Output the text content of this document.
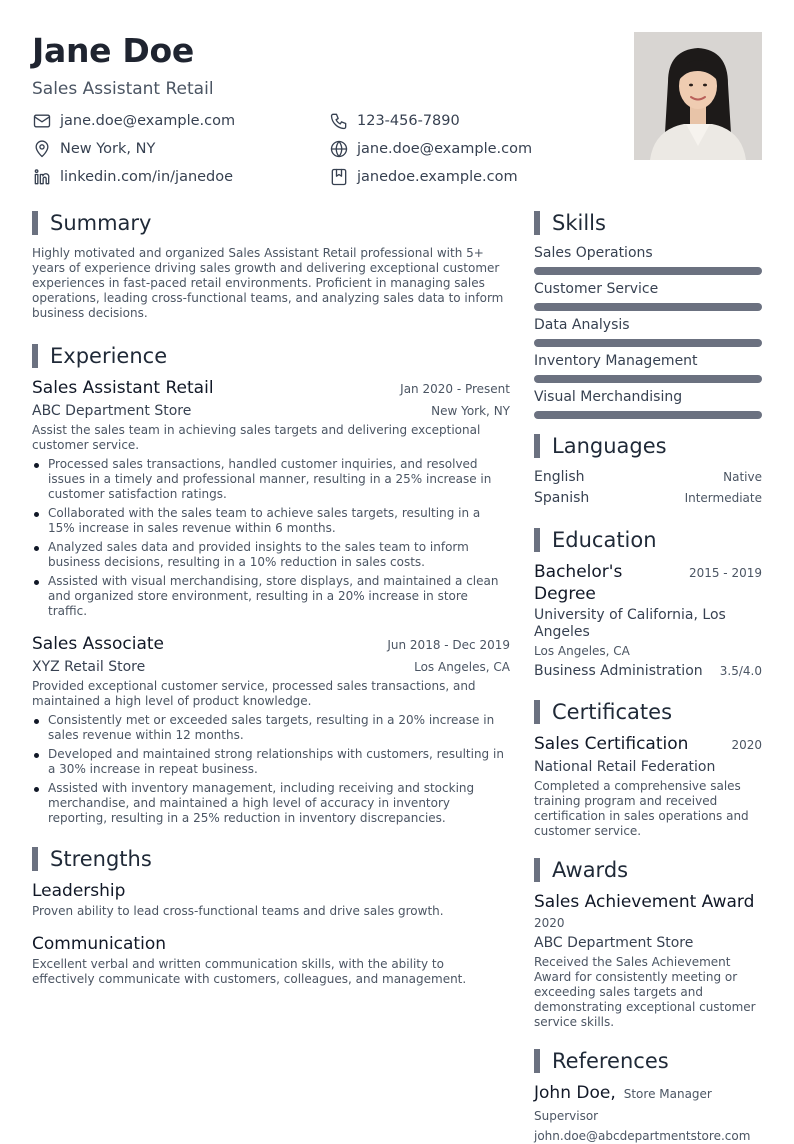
Jane Doe
Sales Assistant Retail
jane.doe@example.com	123-456-7890
New York, NY	jane.doe@example.com
linkedin.com/in/janedoe	janedoe.example.com
Summary

Highly motivated and organized Sales Assistant Retail professional with 5+ years of experience driving sales growth and delivering exceptional customer experiences in fast-paced retail environments. Proficient in managing sales operations, leading cross-functional teams, and analyzing sales data to inform business decisions.

Experience
Sales Assistant Retail	Jan 2020 - Present
ABC Department Store	New York, NY

Assist the sales team in achieving sales targets and delivering exceptional customer service.

Processed sales transactions, handled customer inquiries, and resolved issues in a timely and professional manner, resulting in a 25% increase in customer satisfaction ratings.
Collaborated with the sales team to achieve sales targets, resulting in a 15% increase in sales revenue within 6 months.
Analyzed sales data and provided insights to the sales team to inform business decisions, resulting in a 10% reduction in sales costs.
Assisted with visual merchandising, store displays, and maintained a clean and organized store environment, resulting in a 20% increase in store traffic.
Sales Associate	Jun 2018 - Dec 2019
XYZ Retail Store	Los Angeles, CA

Provided exceptional customer service, processed sales transactions, and maintained a high level of product knowledge.

Consistently met or exceeded sales targets, resulting in a 20% increase in sales revenue within 12 months.
Developed and maintained strong relationships with customers, resulting in a 30% increase in repeat business.
Assisted with inventory management, including receiving and stocking merchandise, and maintained a high level of accuracy in inventory reporting, resulting in a 25% reduction in inventory discrepancies.
Strengths
Leadership

Proven ability to lead cross-functional teams and drive sales growth.

Communication

Excellent verbal and written communication skills, with the ability to effectively communicate with customers, colleagues, and management.

Skills
Sales Operations
Customer Service
Data Analysis
Inventory Management
Visual Merchandising
Languages
English	Native
Spanish	Intermediate
Education
Bachelor's Degree
2015 - 2019
University of California, Los Angeles
Los Angeles, CA
Business Administration 3.5/4.0
Certificates
Sales Certification	2020
National Retail Federation

Completed a comprehensive sales training program and received certification in sales operations and customer service.

Awards
Sales Achievement Award
2020
ABC Department Store

Received the Sales Achievement Award for consistently meeting or exceeding sales targets and demonstrating exceptional customer service skills.

References
John Doe, Store Manager
Supervisor
john.doe@abcdepartmentstore.com
